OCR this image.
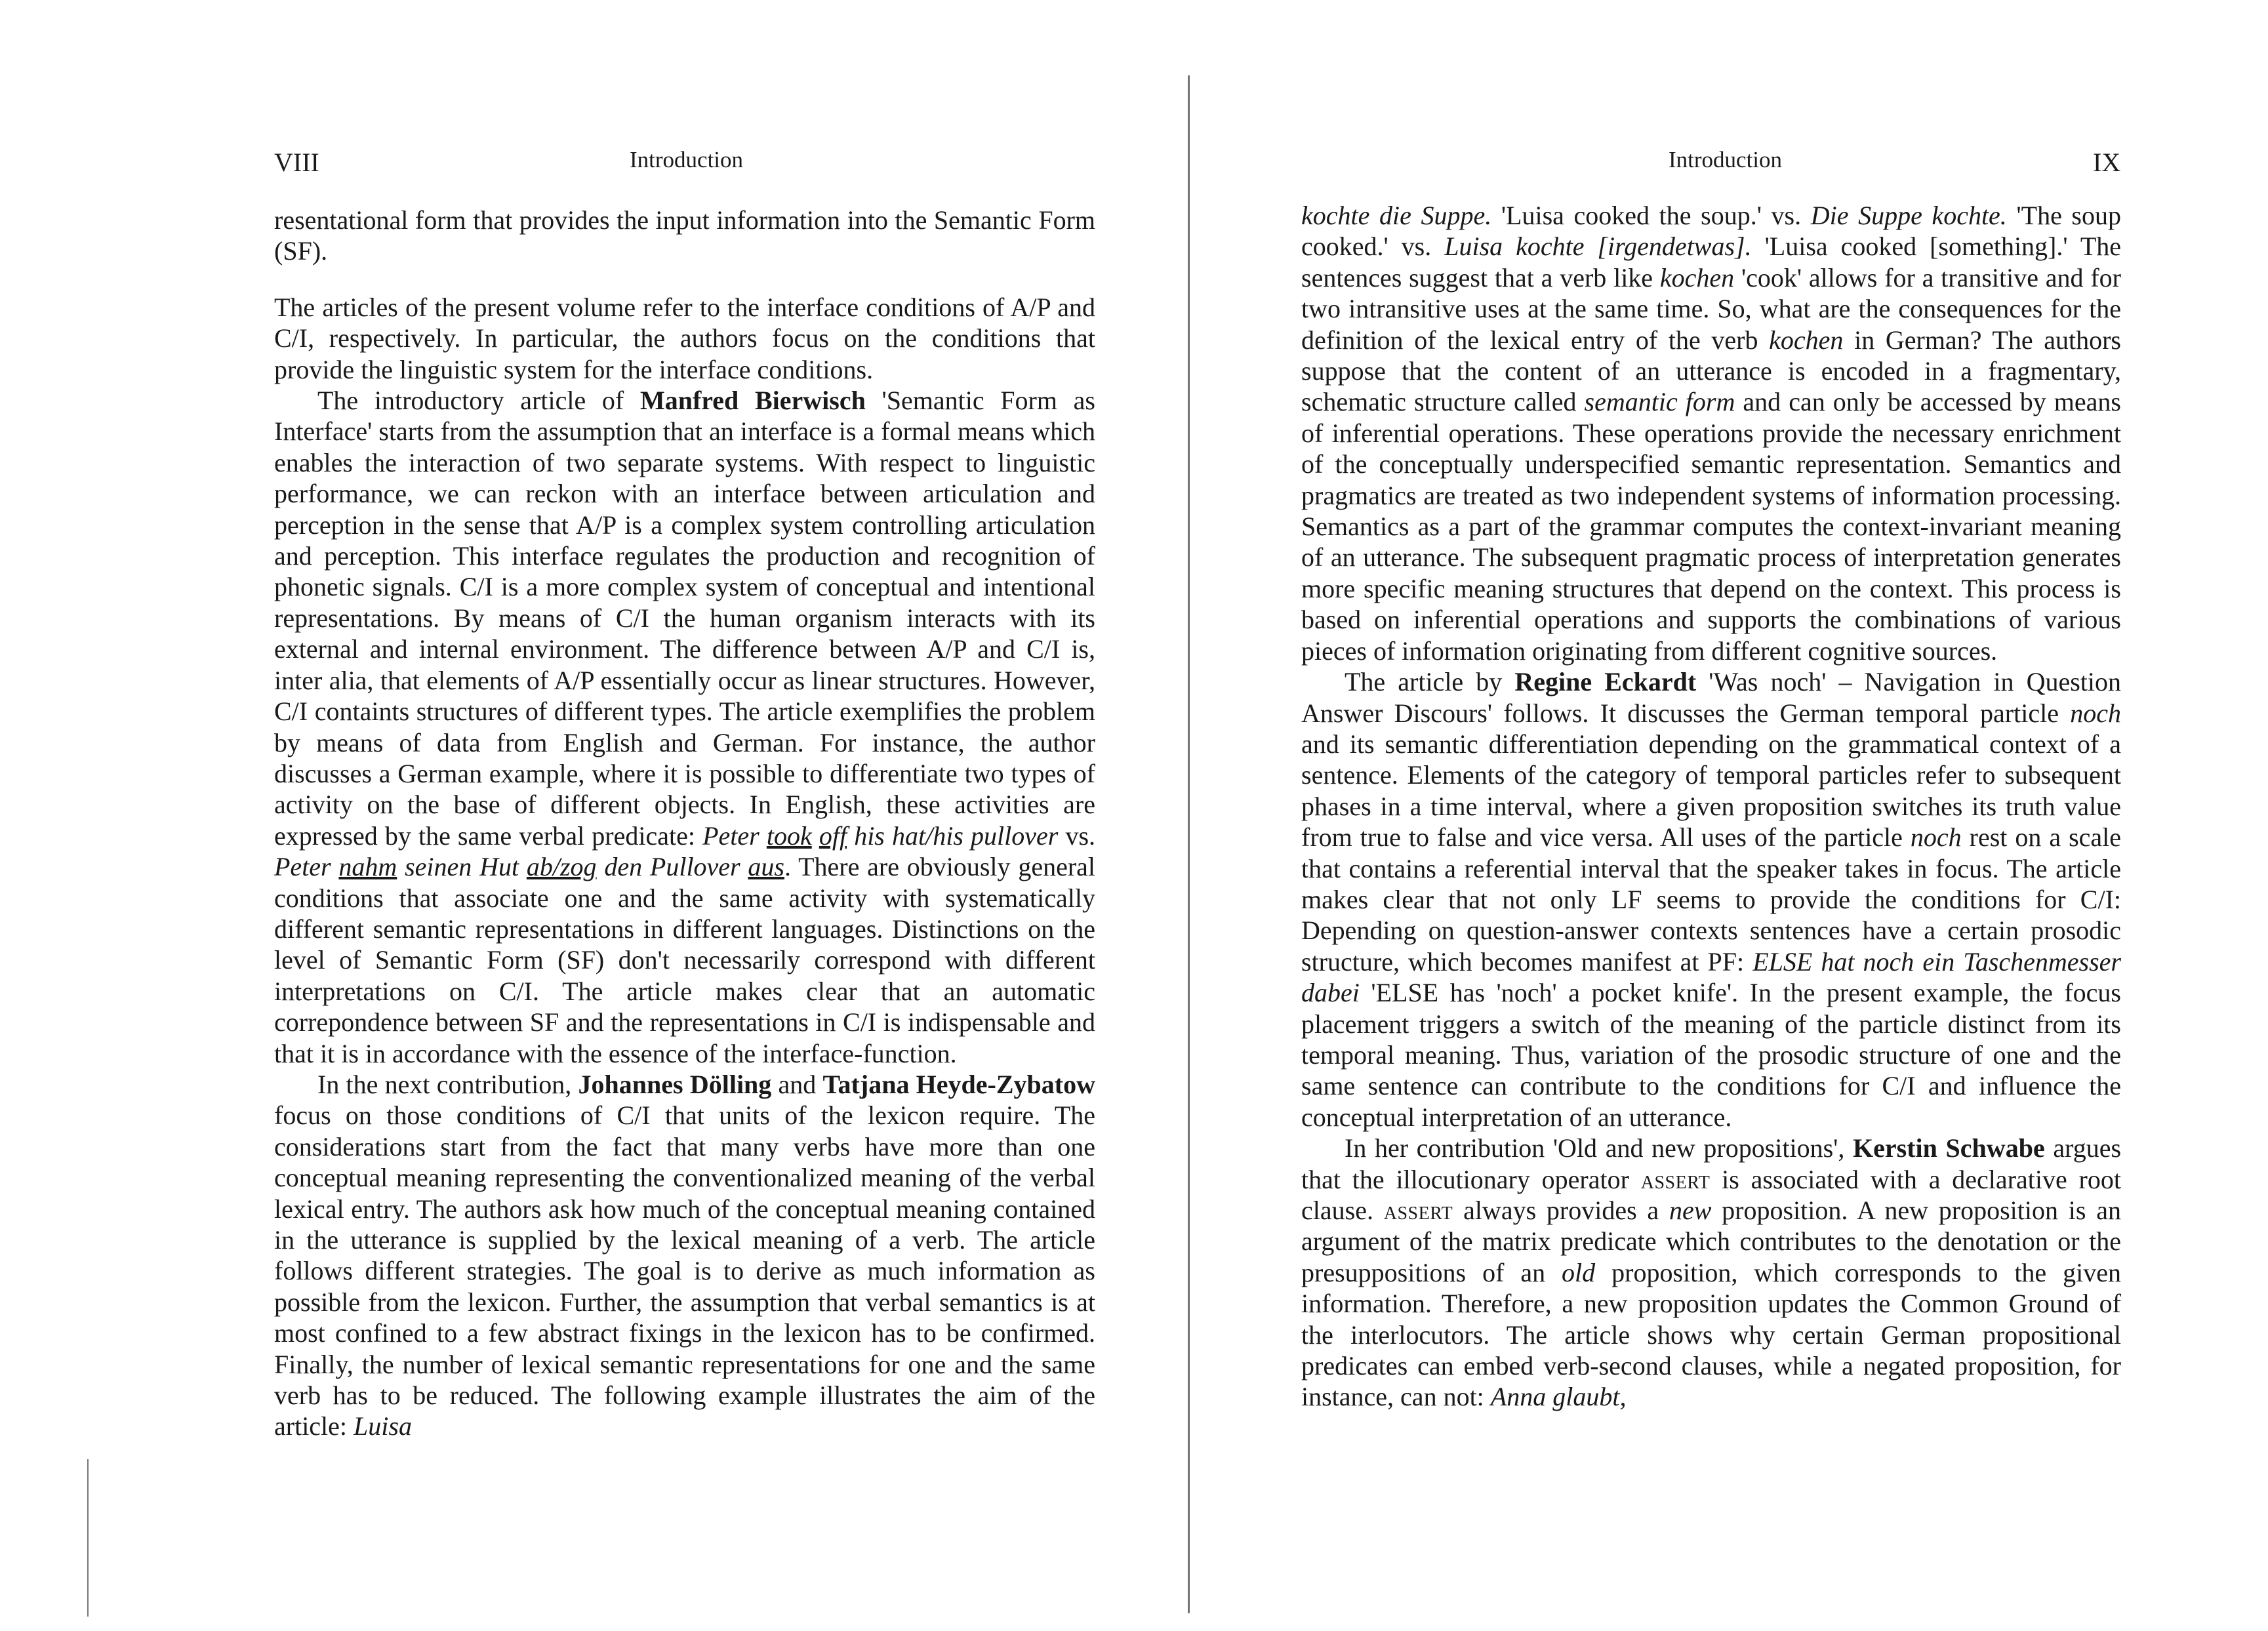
VIII	Introduction

resentational form that provides the input information into the Semantic Form (SF).

The articles of the present volume refer to the interface conditions of A/P and C/I, respectively. In particular, the authors focus on the conditions that provide the linguistic system for the interface conditions.

The introductory article of Manfred Bierwisch 'Semantic Form as Interface' starts from the assumption that an interface is a formal means which enables the interaction of two separate systems. With respect to linguistic performance, we can reckon with an interface between articulation and perception in the sense that A/P is a complex system controlling articulation and perception. This interface regulates the production and recognition of phonetic signals. C/I is a more complex system of conceptual and intentional representations. By means of C/I the human organism interacts with its external and internal environment. The difference between A/P and C/I is, inter alia, that elements of A/P essentially occur as linear structures. However, C/I containts structures of different types. The article exemplifies the problem by means of data from English and German. For instance, the author discusses a German example, where it is possible to differentiate two types of activity on the base of different objects. In English, these activities are expressed by the same verbal predicate: Peter took off his hat/his pullover vs. Peter nahm seinen Hut ab/zog den Pullover aus. There are obviously general conditions that associate one and the same activity with systematically different semantic representations in different languages. Distinctions on the level of Semantic Form (SF) don't necessarily correspond with different interpretations on C/I. The article makes clear that an automatic correpondence between SF and the representations in C/I is indispensable and that it is in accordance with the essence of the interface-function.

In the next contribution, Johannes Dölling and Tatjana Heyde-Zybatow focus on those conditions of C/I that units of the lexicon require. The considerations start from the fact that many verbs have more than one conceptual meaning representing the conventionalized meaning of the verbal lexical entry. The authors ask how much of the conceptual meaning contained in the utterance is supplied by the lexical meaning of a verb. The article follows different strategies. The goal is to derive as much information as possible from the lexicon. Further, the assumption that verbal semantics is at most confined to a few abstract fixings in the lexicon has to be confirmed. Finally, the number of lexical semantic representations for one and the same verb has to be reduced. The following example illustrates the aim of the article: Luisa

Introduction	IX

kochte die Suppe. 'Luisa cooked the soup.' vs. Die Suppe kochte. 'The soup cooked.' vs. Luisa kochte [irgendetwas]. 'Luisa cooked [something].' The sentences suggest that a verb like kochen 'cook' allows for a transitive and for two intransitive uses at the same time. So, what are the consequences for the definition of the lexical entry of the verb kochen in German? The authors suppose that the content of an utterance is encoded in a fragmentary, schematic structure called semantic form and can only be accessed by means of inferential operations. These operations provide the necessary enrichment of the conceptually underspecified semantic representation. Semantics and pragmatics are treated as two independent systems of information processing. Semantics as a part of the grammar computes the context-invariant meaning of an utterance. The subsequent pragmatic process of interpretation generates more specific meaning structures that depend on the context. This process is based on inferential operations and supports the combinations of various pieces of information originating from different cognitive sources.

The article by Regine Eckardt 'Was noch' – Navigation in Question Answer Discours' follows. It discusses the German temporal particle noch and its semantic differentiation depending on the grammatical context of a sentence. Elements of the category of temporal particles refer to subsequent phases in a time interval, where a given proposition switches its truth value from true to false and vice versa. All uses of the particle noch rest on a scale that contains a referential interval that the speaker takes in focus. The article makes clear that not only LF seems to provide the conditions for C/I: Depending on question-answer contexts sentences have a certain prosodic structure, which becomes manifest at PF: ELSE hat noch ein Taschenmesser dabei 'ELSE has 'noch' a pocket knife'. In the present example, the focus placement triggers a switch of the meaning of the particle distinct from its temporal meaning. Thus, variation of the prosodic structure of one and the same sentence can contribute to the conditions for C/I and influence the conceptual interpretation of an utterance.

In her contribution 'Old and new propositions', Kerstin Schwabe argues that the illocutionary operator assert is associated with a declarative root clause. assert always provides a new proposition. A new proposition is an argument of the matrix predicate which contributes to the denotation or the presuppositions of an old proposition, which corresponds to the given information. Therefore, a new proposition updates the Common Ground of the interlocutors. The article shows why certain German propositional predicates can embed verb-second clauses, while a negated proposition, for instance, can not: Anna glaubt,
